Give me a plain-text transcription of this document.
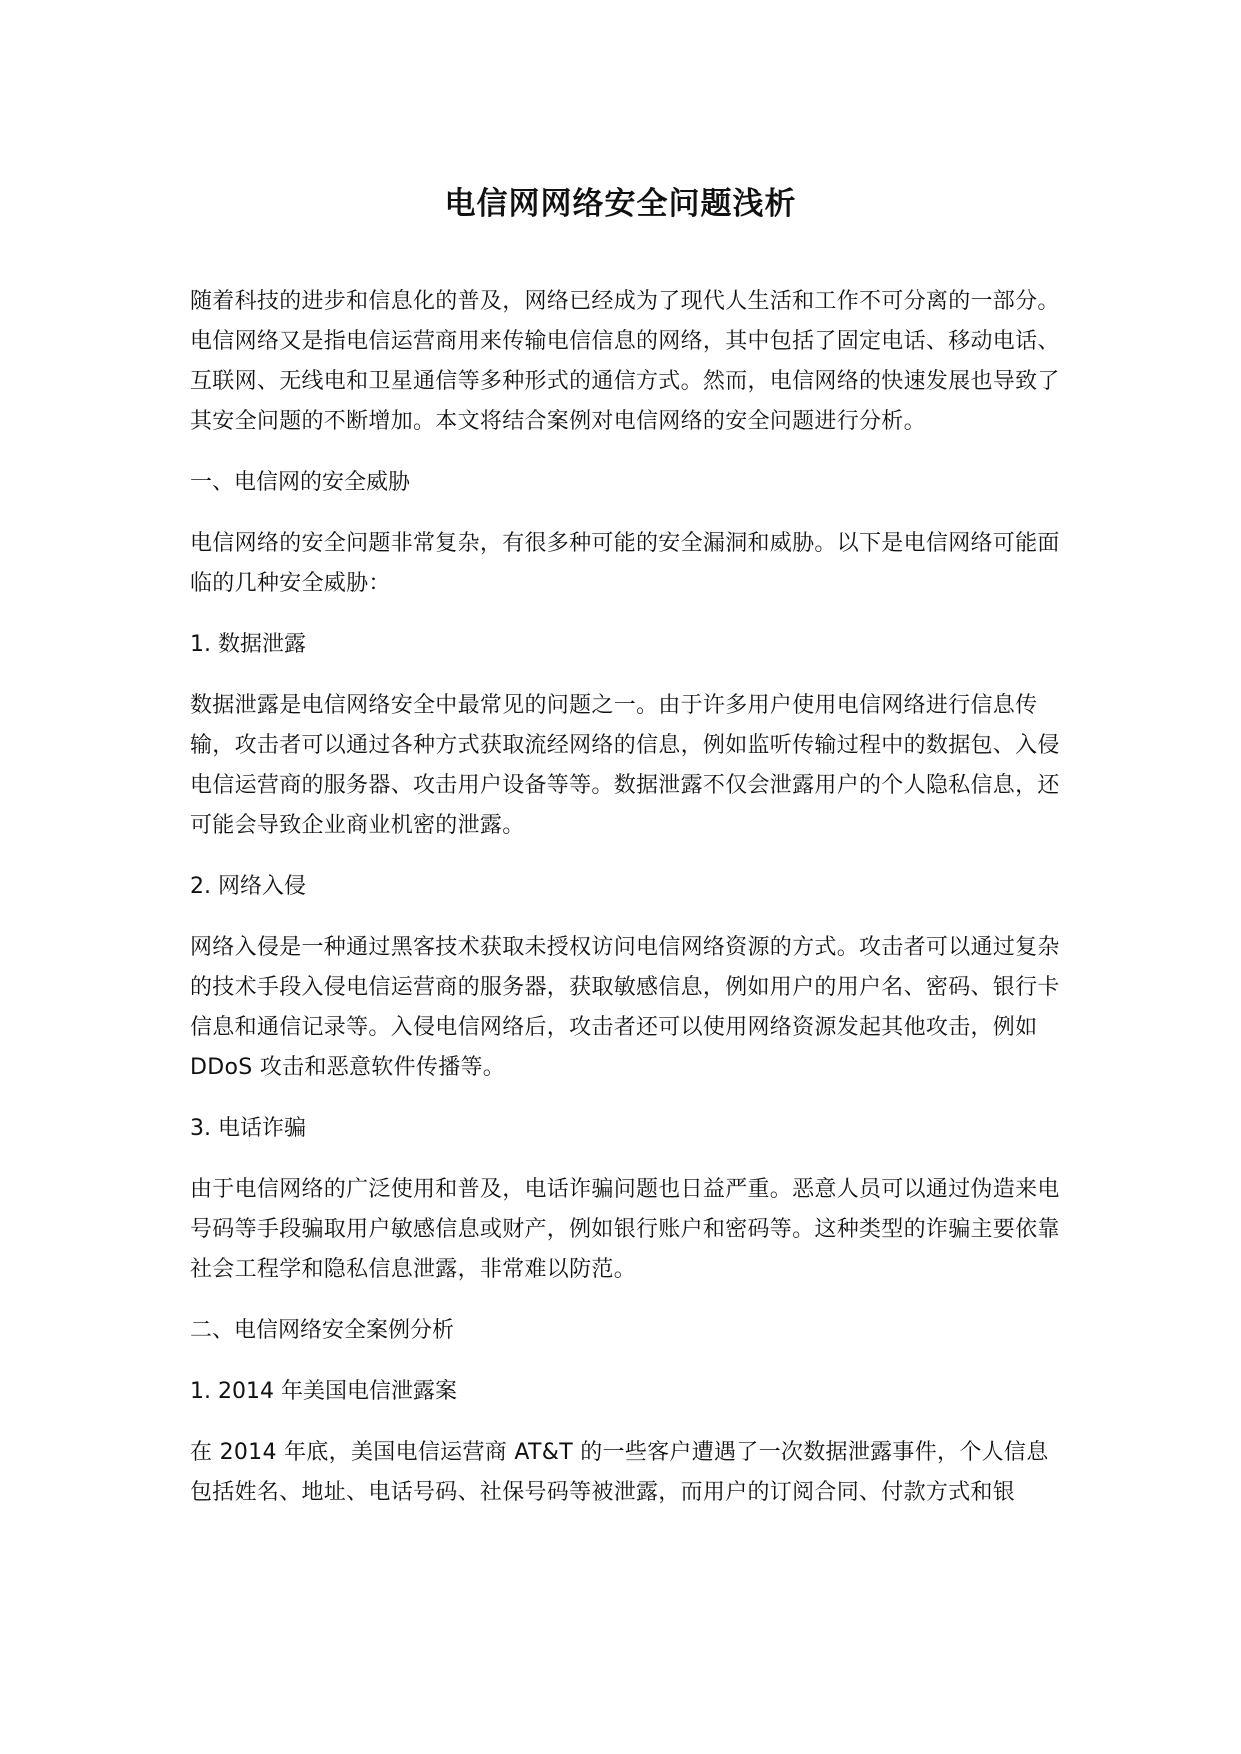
电信网网络安全问题浅析

随着科技的进步和信息化的普及，网络已经成为了现代人生活和工作不可分离的一部分。电信网络又是指电信运营商用来传输电信信息的网络，其中包括了固定电话、移动电话、互联网、无线电和卫星通信等多种形式的通信方式。然而，电信网络的快速发展也导致了其安全问题的不断增加。本文将结合案例对电信网络的安全问题进行分析。

一、电信网的安全威胁

电信网络的安全问题非常复杂，有很多种可能的安全漏洞和威胁。以下是电信网络可能面临的几种安全威胁：

1. 数据泄露

数据泄露是电信网络安全中最常见的问题之一。由于许多用户使用电信网络进行信息传输，攻击者可以通过各种方式获取流经网络的信息，例如监听传输过程中的数据包、入侵电信运营商的服务器、攻击用户设备等等。数据泄露不仅会泄露用户的个人隐私信息，还可能会导致企业商业机密的泄露。

2. 网络入侵

网络入侵是一种通过黑客技术获取未授权访问电信网络资源的方式。攻击者可以通过复杂的技术手段入侵电信运营商的服务器，获取敏感信息，例如用户的用户名、密码、银行卡信息和通信记录等。入侵电信网络后，攻击者还可以使用网络资源发起其他攻击，例如 DDoS 攻击和恶意软件传播等。

3. 电话诈骗

由于电信网络的广泛使用和普及，电话诈骗问题也日益严重。恶意人员可以通过伪造来电号码等手段骗取用户敏感信息或财产，例如银行账户和密码等。这种类型的诈骗主要依靠社会工程学和隐私信息泄露，非常难以防范。

二、电信网络安全案例分析

1. 2014 年美国电信泄露案

在 2014 年底，美国电信运营商 AT&T 的一些客户遭遇了一次数据泄露事件，个人信息包括姓名、地址、电话号码、社保号码等被泄露，而用户的订阅合同、付款方式和银
